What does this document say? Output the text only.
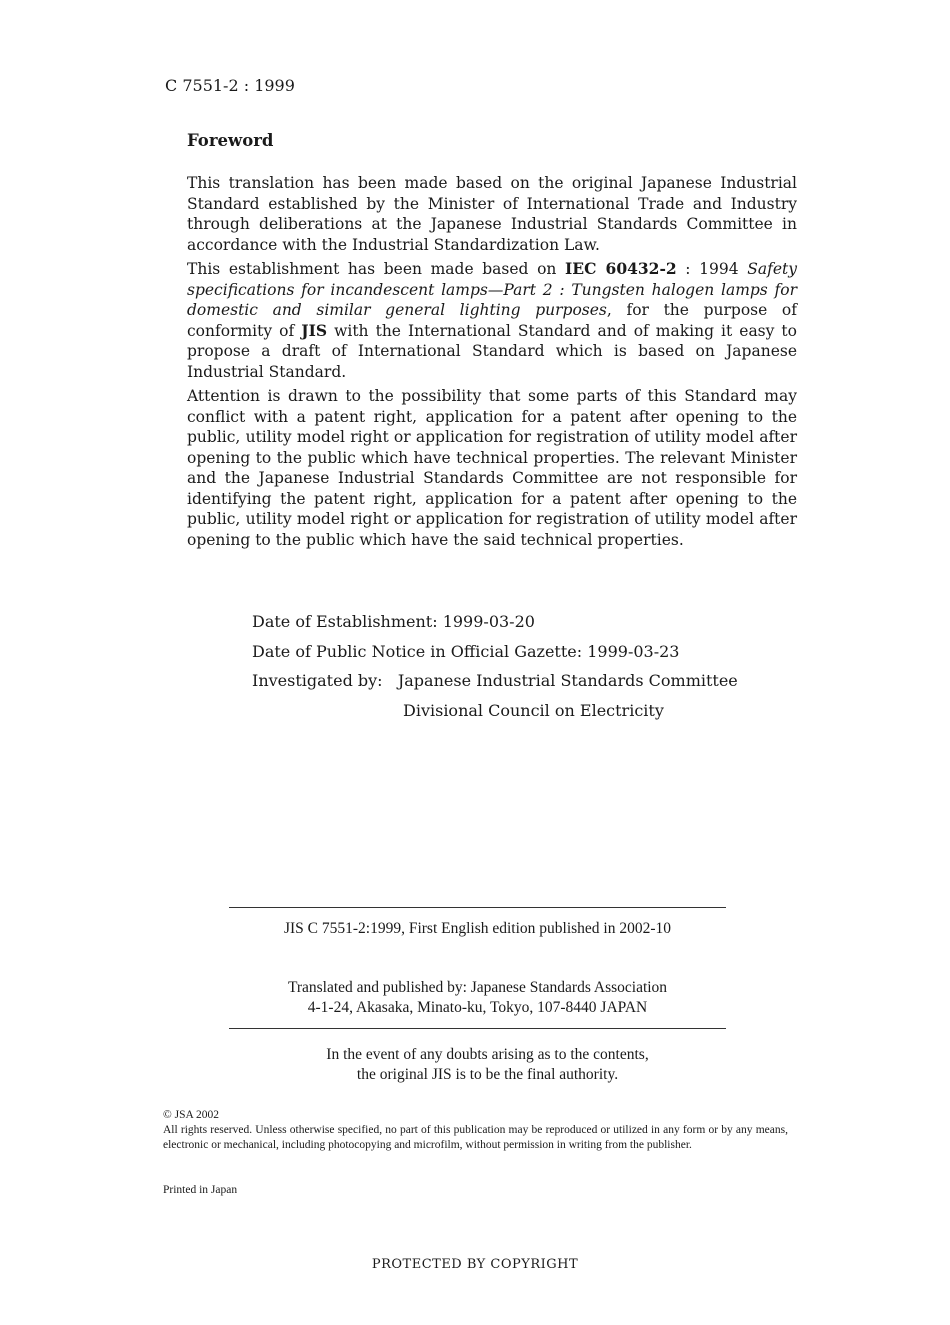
C 7551-2 : 1999
Foreword

This translation has been made based on the original Japanese Industrial Standard established by the Minister of International Trade and Industry through deliberations at the Japanese Industrial Standards Committee in accordance with the Industrial Standardization Law.

This establishment has been made based on IEC 60432-2 : 1994 Safety specifications for incandescent lamps—Part 2 : Tungsten halogen lamps for domestic and similar general lighting purposes, for the purpose of conformity of JIS with the International Standard and of making it easy to propose a draft of International Standard which is based on Japanese Industrial Standard.

Attention is drawn to the possibility that some parts of this Standard may conflict with a patent right, application for a patent after opening to the public, utility model right or application for registration of utility model after opening to the public which have technical properties. The relevant Minister and the Japanese Industrial Standards Committee are not responsible for identifying the patent right, application for a patent after opening to the public, utility model right or application for registration of utility model after opening to the public which have the said technical properties.

Date of Establishment: 1999-03-20
Date of Public Notice in Official Gazette: 1999-03-23
Investigated by: Japanese Industrial Standards Committee
Divisional Council on Electricity
JIS C 7551-2:1999, First English edition published in 2002-10
Translated and published by: Japanese Standards Association
4-1-24, Akasaka, Minato-ku, Tokyo, 107-8440 JAPAN
In the event of any doubts arising as to the contents,
the original JIS is to be the final authority.
© JSA 2002
All rights reserved. Unless otherwise specified, no part of this publication may be reproduced or utilized in any form or by any means, electronic or mechanical, including photocopying and microfilm, without permission in writing from the publisher.
Printed in Japan
PROTECTED BY COPYRIGHT
